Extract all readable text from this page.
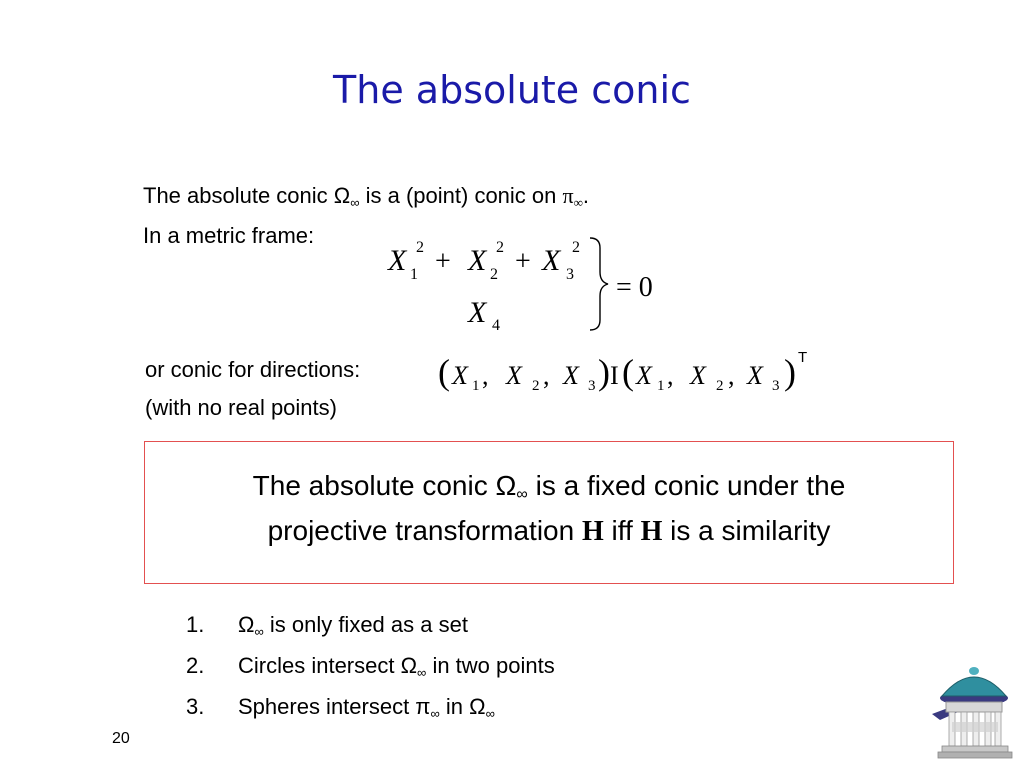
The absolute conic
The absolute conic $\Omega_\infty$ is a (point) conic on $\pi_\infty$.
In a metric frame:
X 1
2 + X 2
2 + X 3
2
X 4
= 0
or conic for directions:
(with no real points)
( X 1 , X 2 , X 3 ) I ( X 1 , X 2 , X 3 ) T
The absolute conic $\Omega_\infty$ is a fixed conic under the
projective transformation H iff H is a similarity
1. $\Omega_\infty$ is only fixed as a set
2. Circles intersect $\Omega_\infty$ in two points
3. Spheres intersect $\pi_\infty$ in $\Omega_\infty$
20
